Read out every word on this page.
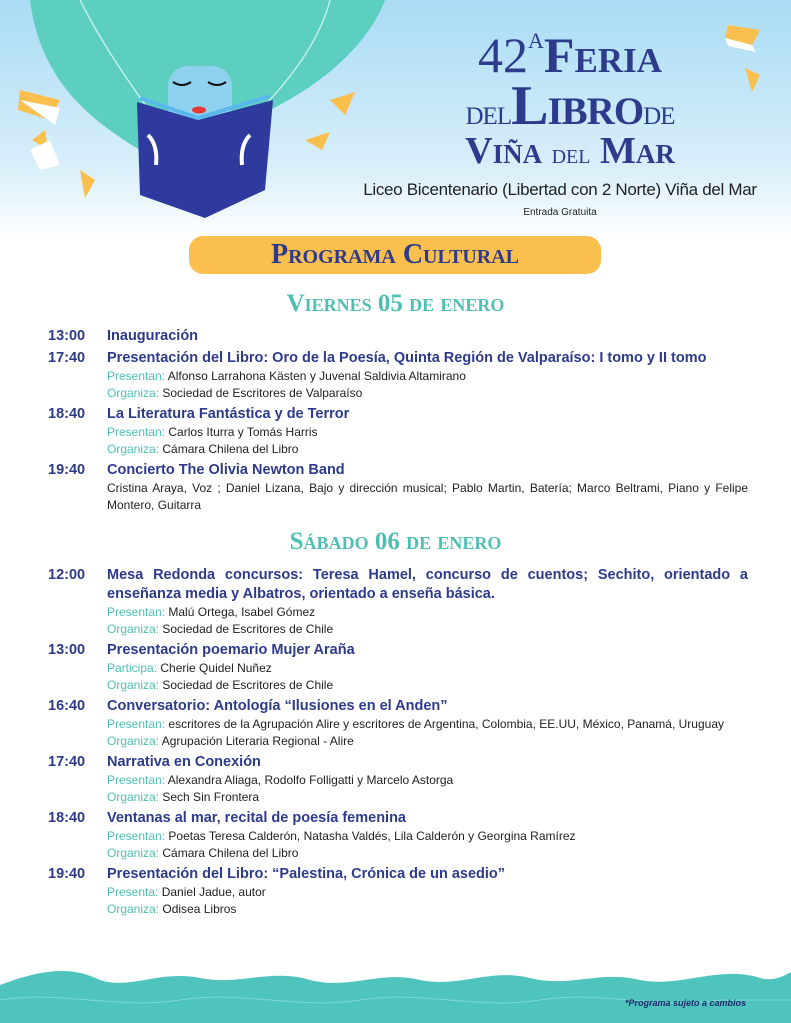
$42^AFeria$
delLibrode
Viña del Mar
Liceo Bicentenario (Libertad con 2 Norte) Viña del Mar
Entrada Gratuita
Programa Cultural
Viernes 05 de enero
13:00	Inauguración
17:40	Presentación del Libro: Oro de la Poesía, Quinta Región de Valparaíso: I tomo y II tomo
Presentan: Alfonso Larrahona Kästen y Juvenal Saldivia Altamirano
Organiza: Sociedad de Escritores de Valparaíso
18:40	La Literatura Fantástica y de Terror
Presentan: Carlos Iturra y Tomás Harris
Organiza: Cámara Chilena del Libro
19:40	Concierto The Olivia Newton Band
Cristina Araya, Voz ; Daniel Lizana, Bajo y dirección musical; Pablo Martin, Batería; Marco Beltrami, Piano y Felipe Montero, Guitarra
Sábado 06 de enero
12:00	Mesa Redonda concursos: Teresa Hamel, concurso de cuentos; Sechito, orientado a enseñanza media y Albatros, orientado a enseña básica.
Presentan: Malú Ortega, Isabel Gómez
Organiza: Sociedad de Escritores de Chile
13:00	Presentación poemario Mujer Araña
Participa: Cherie Quidel Nuñez
Organiza: Sociedad de Escritores de Chile
16:40	Conversatorio: Antología “Ilusiones en el Anden”
Presentan: escritores de la Agrupación Alire y escritores de Argentina, Colombia, EE.UU, México, Panamá, Uruguay
Organiza: Agrupación Literaria Regional - Alire
17:40	Narrativa en Conexión
Presentan: Alexandra Aliaga, Rodolfo Folligatti y Marcelo Astorga
Organiza: Sech Sin Frontera
18:40	Ventanas al mar, recital de poesía femenina
Presentan: Poetas Teresa Calderón, Natasha Valdés, Lila Calderón y Georgina Ramírez
Organiza: Cámara Chilena del Libro
19:40	Presentación del Libro: “Palestina, Crónica de un asedio”
Presenta: Daniel Jadue, autor
Organiza: Odisea Libros
*Programa sujeto a cambios
